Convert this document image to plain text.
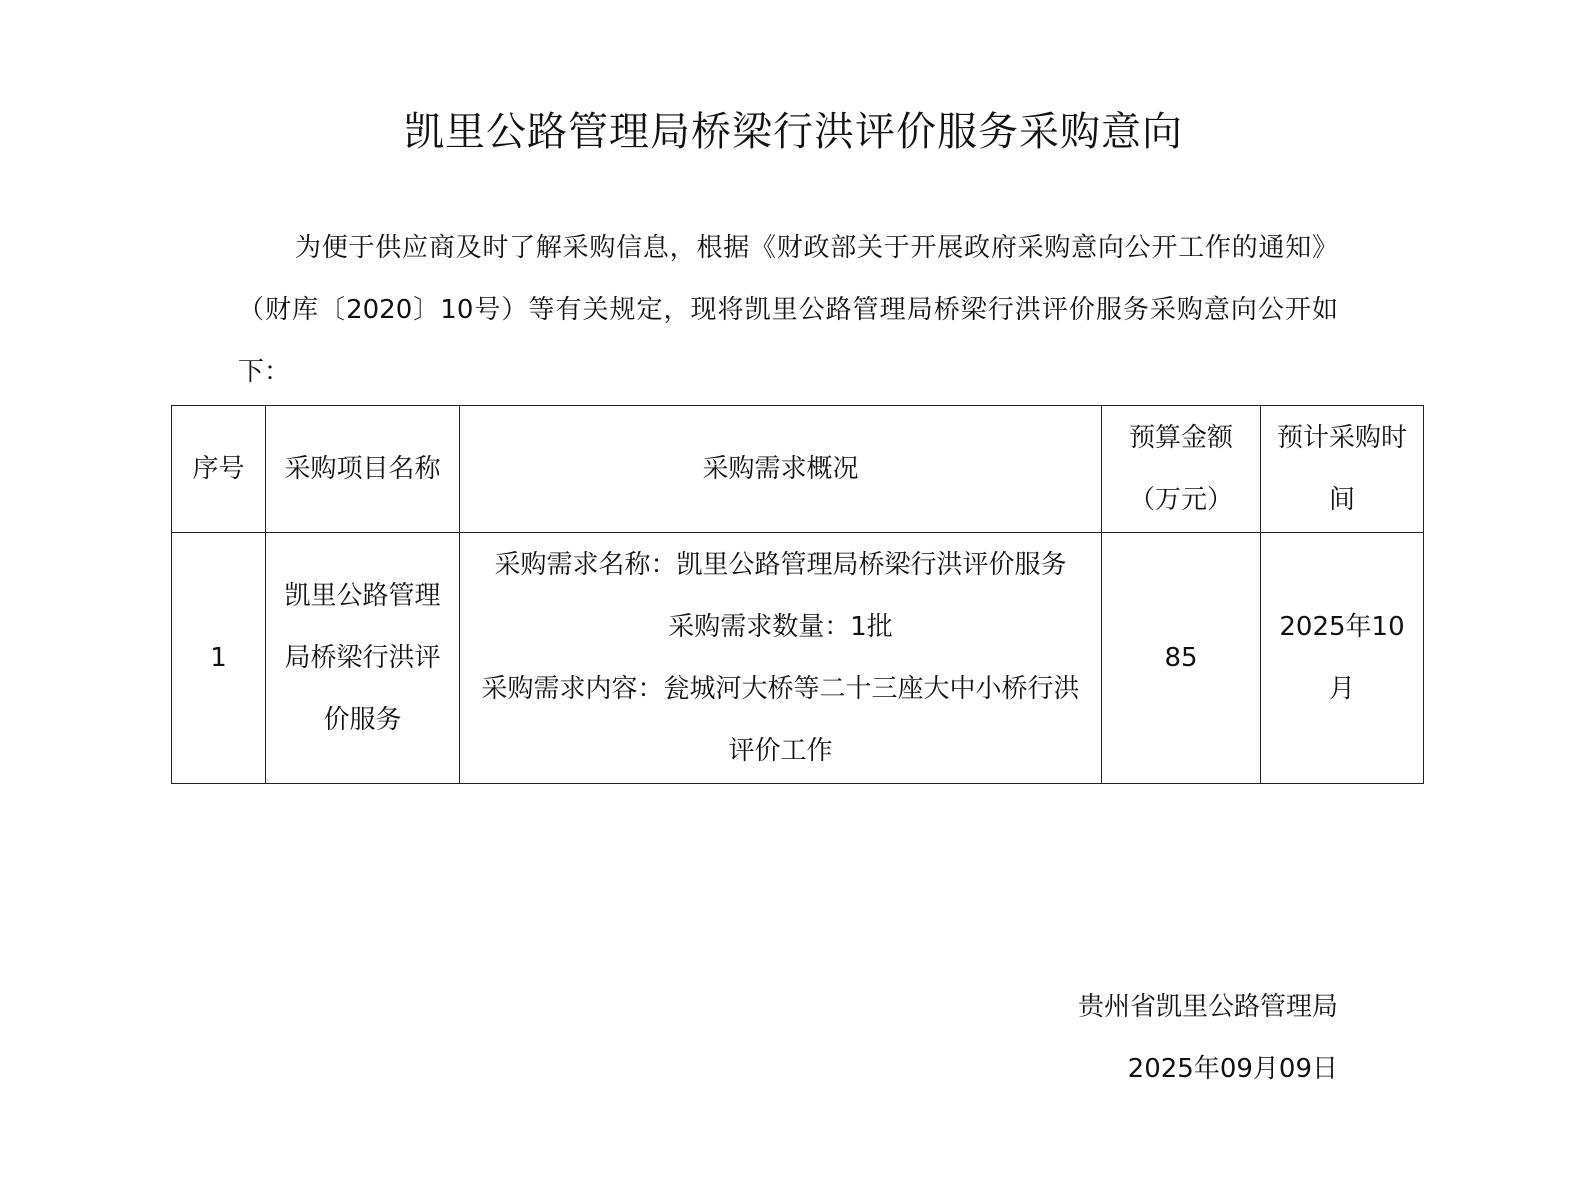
凯里公路管理局桥梁行洪评价服务采购意向

为便于供应商及时了解采购信息，根据《财政部关于开展政府采购意向公开工作的通知》（财库〔2020〕10号）等有关规定，现将凯里公路管理局桥梁行洪评价服务采购意向公开如下：

序号	采购项目名称	采购需求概况	预算金额（万元）	预计采购时间
1	凯里公路管理局桥梁行洪评价服务	采购需求名称：凯里公路管理局桥梁行洪评价服务
采购需求数量：1批
采购需求内容：瓮城河大桥等二十三座大中小桥行洪评价工作	85	2025年10月
贵州省凯里公路管理局
2025年09月09日
